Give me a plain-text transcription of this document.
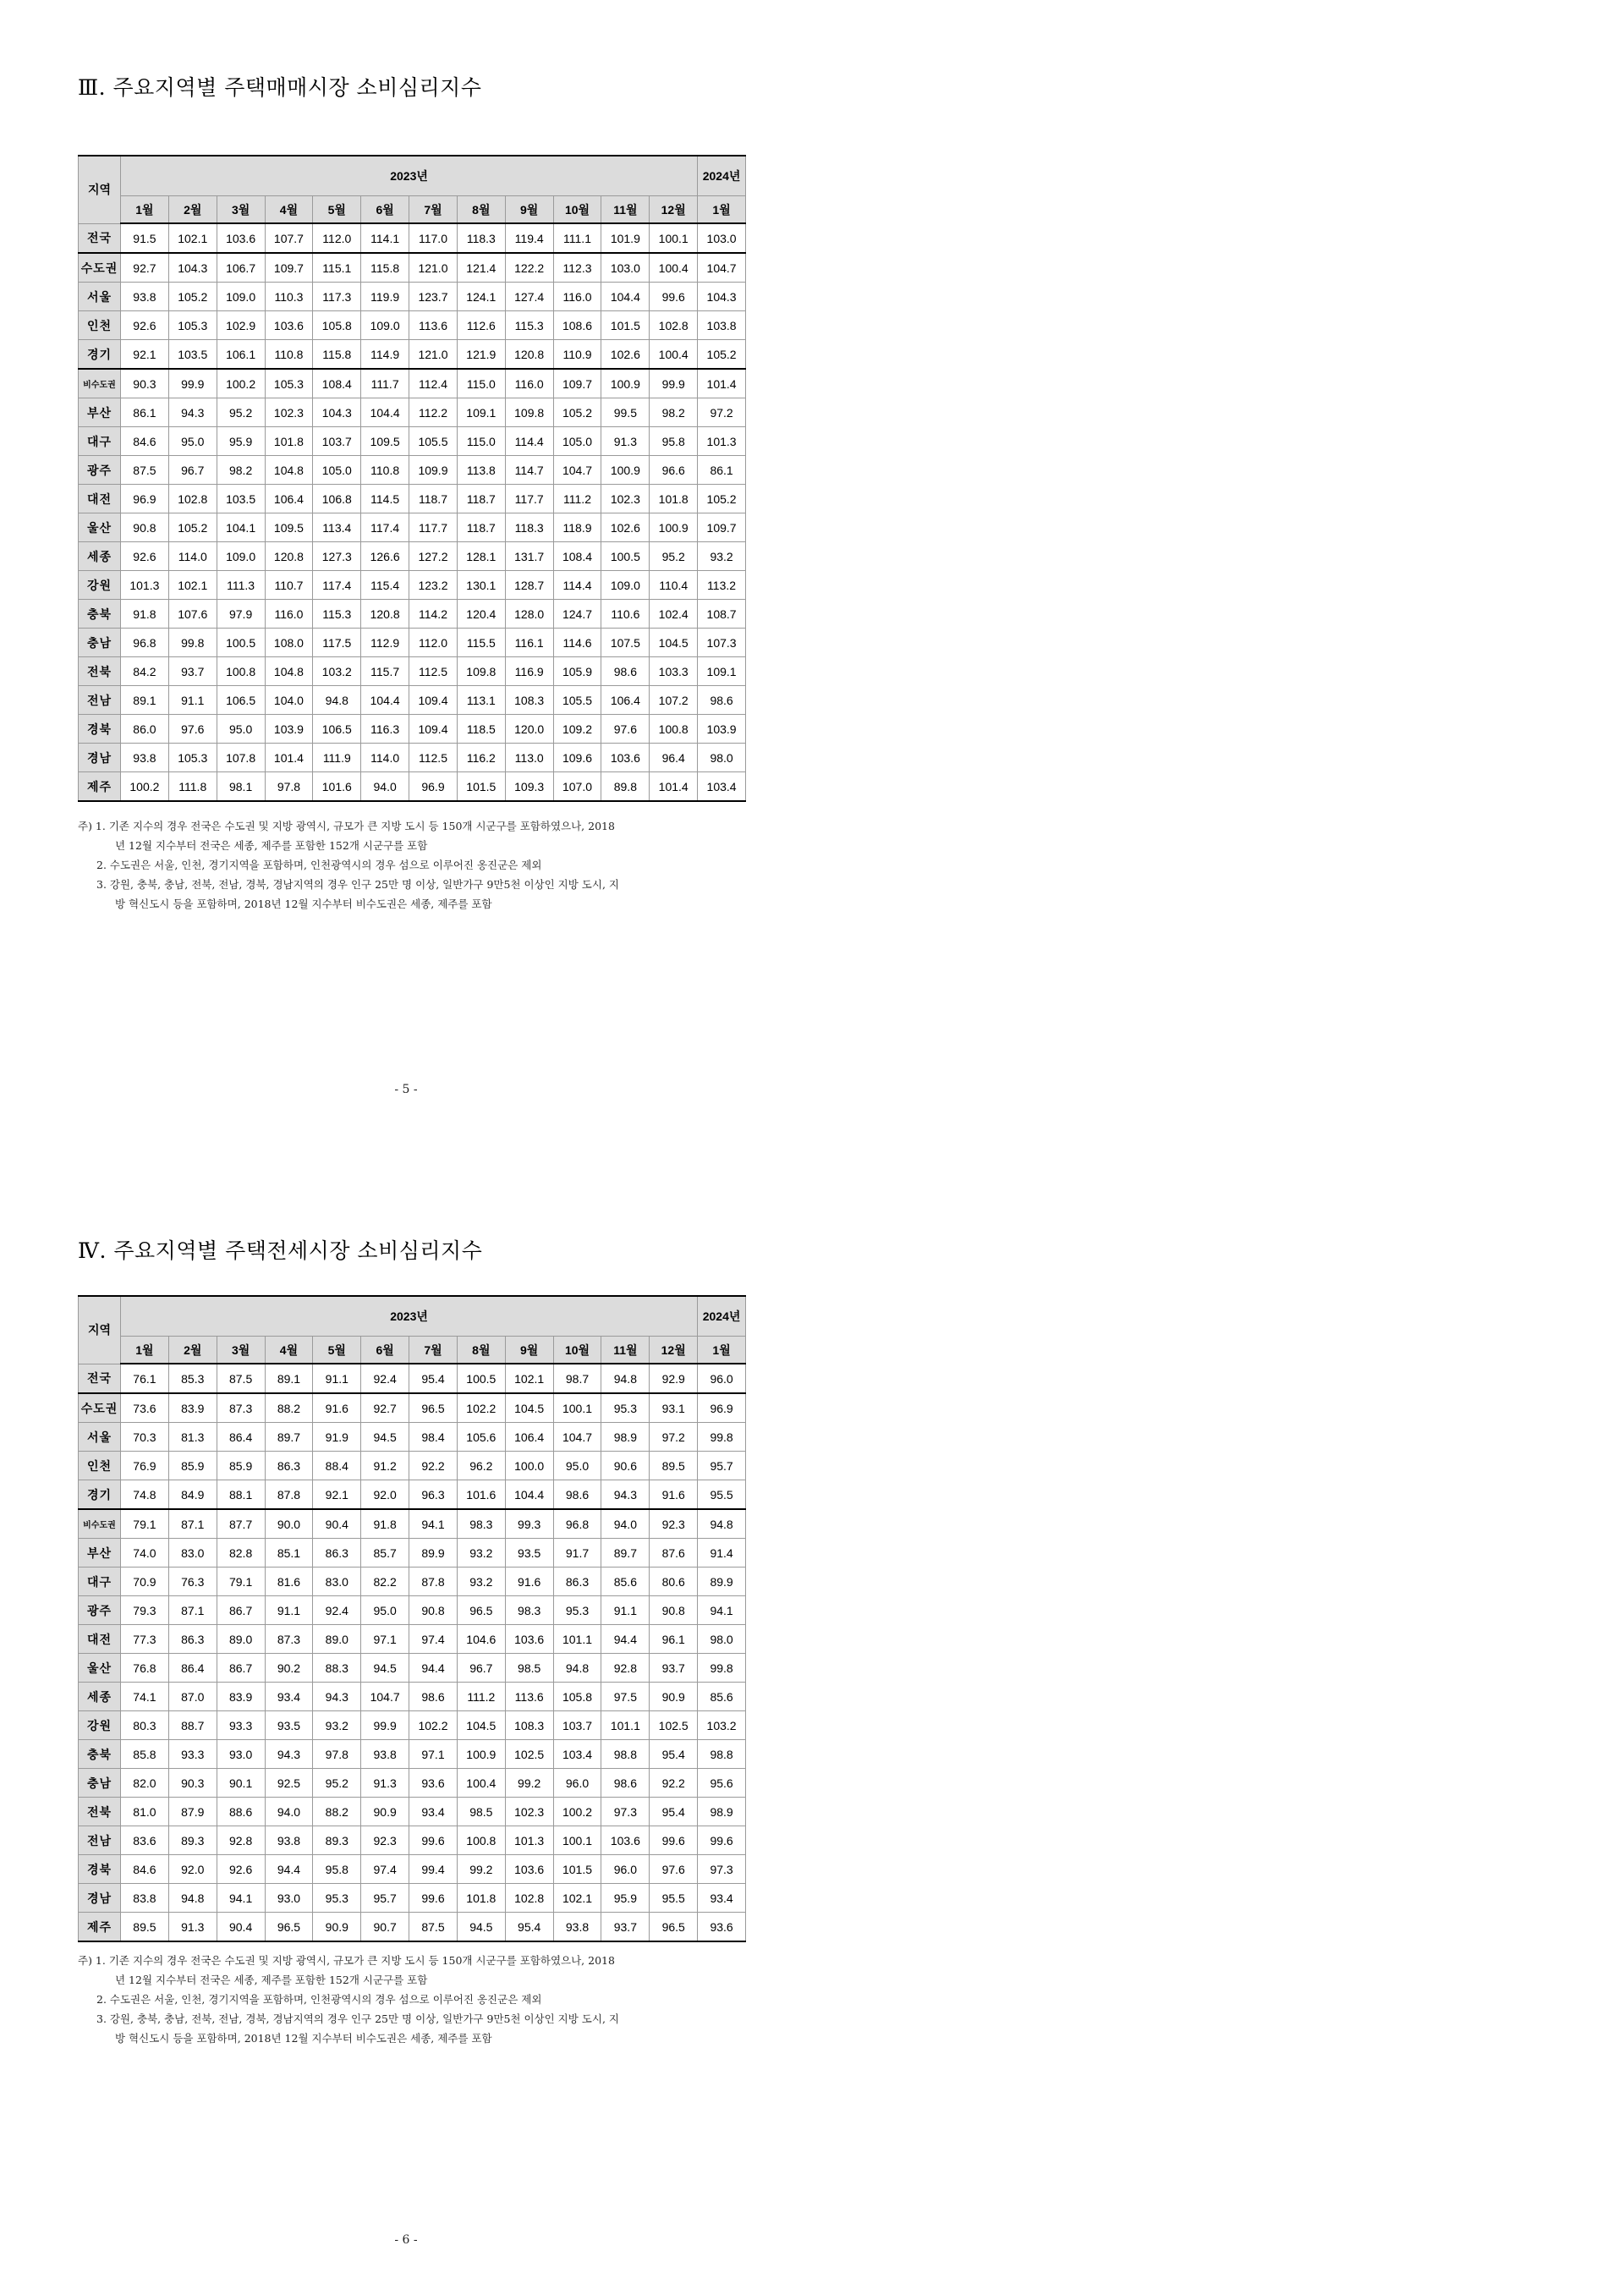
Ⅲ. 주요지역별 주택매매시장 소비심리지수
지역	2023년												2024년
	1월	2월	3월	4월	5월	6월	7월	8월	9월	10월	11월	12월	1월
전국	91.5	102.1	103.6	107.7	112.0	114.1	117.0	118.3	119.4	111.1	101.9	100.1	103.0
수도권	92.7	104.3	106.7	109.7	115.1	115.8	121.0	121.4	122.2	112.3	103.0	100.4	104.7
서울	93.8	105.2	109.0	110.3	117.3	119.9	123.7	124.1	127.4	116.0	104.4	99.6	104.3
인천	92.6	105.3	102.9	103.6	105.8	109.0	113.6	112.6	115.3	108.6	101.5	102.8	103.8
경기	92.1	103.5	106.1	110.8	115.8	114.9	121.0	121.9	120.8	110.9	102.6	100.4	105.2
비수도권	90.3	99.9	100.2	105.3	108.4	111.7	112.4	115.0	116.0	109.7	100.9	99.9	101.4
부산	86.1	94.3	95.2	102.3	104.3	104.4	112.2	109.1	109.8	105.2	99.5	98.2	97.2
대구	84.6	95.0	95.9	101.8	103.7	109.5	105.5	115.0	114.4	105.0	91.3	95.8	101.3
광주	87.5	96.7	98.2	104.8	105.0	110.8	109.9	113.8	114.7	104.7	100.9	96.6	86.1
대전	96.9	102.8	103.5	106.4	106.8	114.5	118.7	118.7	117.7	111.2	102.3	101.8	105.2
울산	90.8	105.2	104.1	109.5	113.4	117.4	117.7	118.7	118.3	118.9	102.6	100.9	109.7
세종	92.6	114.0	109.0	120.8	127.3	126.6	127.2	128.1	131.7	108.4	100.5	95.2	93.2
강원	101.3	102.1	111.3	110.7	117.4	115.4	123.2	130.1	128.7	114.4	109.0	110.4	113.2
충북	91.8	107.6	97.9	116.0	115.3	120.8	114.2	120.4	128.0	124.7	110.6	102.4	108.7
충남	96.8	99.8	100.5	108.0	117.5	112.9	112.0	115.5	116.1	114.6	107.5	104.5	107.3
전북	84.2	93.7	100.8	104.8	103.2	115.7	112.5	109.8	116.9	105.9	98.6	103.3	109.1
전남	89.1	91.1	106.5	104.0	94.8	104.4	109.4	113.1	108.3	105.5	106.4	107.2	98.6
경북	86.0	97.6	95.0	103.9	106.5	116.3	109.4	118.5	120.0	109.2	97.6	100.8	103.9
경남	93.8	105.3	107.8	101.4	111.9	114.0	112.5	116.2	113.0	109.6	103.6	96.4	98.0
제주	100.2	111.8	98.1	97.8	101.6	94.0	96.9	101.5	109.3	107.0	89.8	101.4	103.4
주) 1. 기존 지수의 경우 전국은 수도권 및 지방 광역시, 규모가 큰 지방 도시 등 150개 시군구를 포함하였으나, 2018
년 12월 지수부터 전국은 세종, 제주를 포함한 152개 시군구를 포함
2. 수도권은 서울, 인천, 경기지역을 포함하며, 인천광역시의 경우 섬으로 이루어진 옹진군은 제외
3. 강원, 충북, 충남, 전북, 전남, 경북, 경남지역의 경우 인구 25만 명 이상, 일반가구 9만5천 이상인 지방 도시, 지
방 혁신도시 등을 포함하며, 2018년 12월 지수부터 비수도권은 세종, 제주를 포함
- 5 -
Ⅳ. 주요지역별 주택전세시장 소비심리지수
지역	2023년												2024년
	1월	2월	3월	4월	5월	6월	7월	8월	9월	10월	11월	12월	1월
전국	76.1	85.3	87.5	89.1	91.1	92.4	95.4	100.5	102.1	98.7	94.8	92.9	96.0
수도권	73.6	83.9	87.3	88.2	91.6	92.7	96.5	102.2	104.5	100.1	95.3	93.1	96.9
서울	70.3	81.3	86.4	89.7	91.9	94.5	98.4	105.6	106.4	104.7	98.9	97.2	99.8
인천	76.9	85.9	85.9	86.3	88.4	91.2	92.2	96.2	100.0	95.0	90.6	89.5	95.7
경기	74.8	84.9	88.1	87.8	92.1	92.0	96.3	101.6	104.4	98.6	94.3	91.6	95.5
비수도권	79.1	87.1	87.7	90.0	90.4	91.8	94.1	98.3	99.3	96.8	94.0	92.3	94.8
부산	74.0	83.0	82.8	85.1	86.3	85.7	89.9	93.2	93.5	91.7	89.7	87.6	91.4
대구	70.9	76.3	79.1	81.6	83.0	82.2	87.8	93.2	91.6	86.3	85.6	80.6	89.9
광주	79.3	87.1	86.7	91.1	92.4	95.0	90.8	96.5	98.3	95.3	91.1	90.8	94.1
대전	77.3	86.3	89.0	87.3	89.0	97.1	97.4	104.6	103.6	101.1	94.4	96.1	98.0
울산	76.8	86.4	86.7	90.2	88.3	94.5	94.4	96.7	98.5	94.8	92.8	93.7	99.8
세종	74.1	87.0	83.9	93.4	94.3	104.7	98.6	111.2	113.6	105.8	97.5	90.9	85.6
강원	80.3	88.7	93.3	93.5	93.2	99.9	102.2	104.5	108.3	103.7	101.1	102.5	103.2
충북	85.8	93.3	93.0	94.3	97.8	93.8	97.1	100.9	102.5	103.4	98.8	95.4	98.8
충남	82.0	90.3	90.1	92.5	95.2	91.3	93.6	100.4	99.2	96.0	98.6	92.2	95.6
전북	81.0	87.9	88.6	94.0	88.2	90.9	93.4	98.5	102.3	100.2	97.3	95.4	98.9
전남	83.6	89.3	92.8	93.8	89.3	92.3	99.6	100.8	101.3	100.1	103.6	99.6	99.6
경북	84.6	92.0	92.6	94.4	95.8	97.4	99.4	99.2	103.6	101.5	96.0	97.6	97.3
경남	83.8	94.8	94.1	93.0	95.3	95.7	99.6	101.8	102.8	102.1	95.9	95.5	93.4
제주	89.5	91.3	90.4	96.5	90.9	90.7	87.5	94.5	95.4	93.8	93.7	96.5	93.6
주) 1. 기존 지수의 경우 전국은 수도권 및 지방 광역시, 규모가 큰 지방 도시 등 150개 시군구를 포함하였으나, 2018
년 12월 지수부터 전국은 세종, 제주를 포함한 152개 시군구를 포함
2. 수도권은 서울, 인천, 경기지역을 포함하며, 인천광역시의 경우 섬으로 이루어진 옹진군은 제외
3. 강원, 충북, 충남, 전북, 전남, 경북, 경남지역의 경우 인구 25만 명 이상, 일반가구 9만5천 이상인 지방 도시, 지
방 혁신도시 등을 포함하며, 2018년 12월 지수부터 비수도권은 세종, 제주를 포함
- 6 -
